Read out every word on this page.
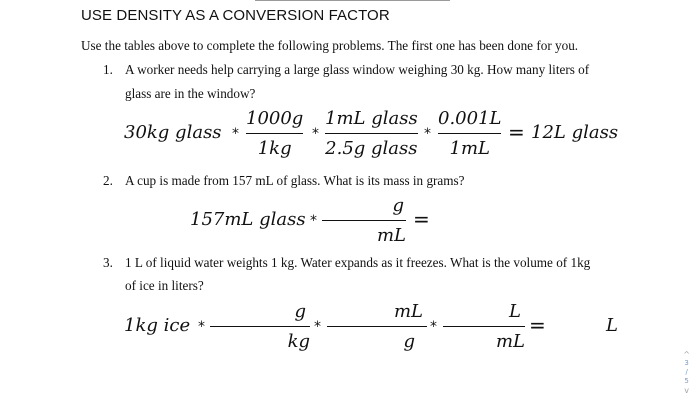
USE DENSITY AS A CONVERSION FACTOR
Use the tables above to complete the following problems. The first one has been done for you.
1. A worker needs help carrying a large glass window weighing 30 kg. How many liters of
glass are in the window?
30kg glass *
1000g
1kg
*
1mL glass
2.5g glass
*
0.001L
1mL
= 12L glass
2. A cup is made from 157 mL of glass. What is its mass in grams?
157mL glass *
g
mL
=
3. 1 L of liquid water weights 1 kg. Water expands as it freezes. What is the volume of 1kg
of ice in liters?
1kg ice *
g
kg
*
mL
g
*
L
mL
=	L
^
3
/
5
v
